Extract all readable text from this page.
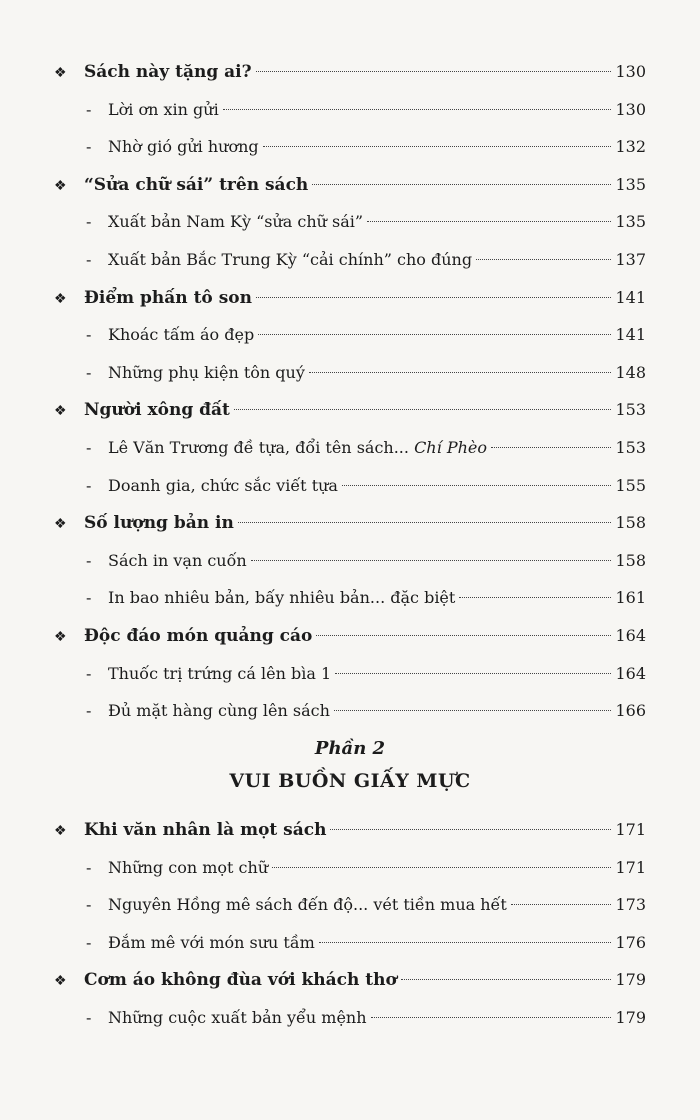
❖	Sách này tặng ai?	130
-	Lời ơn xin gửi	130
-	Nhờ gió gửi hương	132
❖	“Sửa chữ sái” trên sách	135
-	Xuất bản Nam Kỳ “sửa chữ sái”	135
-	Xuất bản Bắc Trung Kỳ “cải chính” cho đúng	137
❖	Điểm phấn tô son	141
-	Khoác tấm áo đẹp	141
-	Những phụ kiện tôn quý	148
❖	Người xông đất	153
-	Lê Văn Trương đề tựa, đổi tên sách... Chí Phèo	153
-	Doanh gia, chức sắc viết tựa	155
❖	Số lượng bản in	158
-	Sách in vạn cuốn	158
-	In bao nhiêu bản, bấy nhiêu bản... đặc biệt	161
❖	Độc đáo món quảng cáo	164
-	Thuốc trị trứng cá lên bìa 1	164
-	Đủ mặt hàng cùng lên sách	166
❖	Khi văn nhân là mọt sách	171
-	Những con mọt chữ	171
-	Nguyên Hồng mê sách đến độ... vét tiền mua hết	173
-	Đắm mê với món sưu tầm	176
❖	Cơm áo không đùa với khách thơ	179
-	Những cuộc xuất bản yểu mệnh	179
Phần 2
VUI BUỒN GIẤY MỰC
